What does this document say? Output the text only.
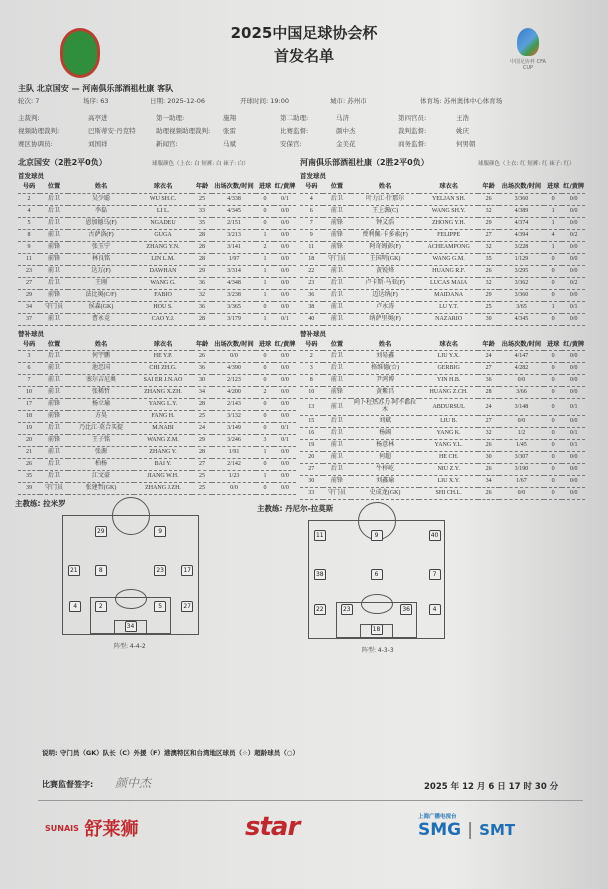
2025中国足球协会杯
首发名单	中国足协杯 CFA CUP
主队 北京国安 — 河南俱乐部酒祖杜康 客队
轮次: 7	场序: 63	日期: 2025-12-06	开球时间: 19:00	城市: 苏州市	体育场: 苏州奥体中心体育场
主裁判:	高亭进	第一助理:	施翔	第二助理:	马济	第四官员:	王浩
视频助理裁判:	巴斯蒂安·丹克特	助理视频助理裁判: 张雷	比赛监督:	颜中杰	裁判监督:	姚庆
赛区协调员:	刘国祥	新闻官:	马斌	安保官:	金美花	商务监督:	何男朝
北京国安（2胜2平0负）	球服颜色（上衣: 白 短裤: 白 袜子: 白）	河南俱乐部酒祖杜康（2胜2平0负）	球服颜色（上衣: 红 短裤: 红 袜子: 红）
首发球员
号码	位置	姓名	球衣名	年龄	出场次数/时间	进球	红/黄牌
2	后卫	吴少聪	WU SH.C.	25	4/338	0	0/1
4	后卫	李磊	LI L.	33	4/345	0	0/0
5	后卫	恩加德乌(F)	NGADEU	35	2/151	0	0/0
8	前卫	古萨洛(F)	GUGA	28	3/213	1	0/0
9	前锋	张玉宁	ZHANG Y.N.	28	3/141	2	0/0
11	前锋	林良铭	LIN L.M.	28	1/97	1	0/0
23	前卫	达万(F)	DAWHAN	29	3/314	1	0/0
27	后卫	王刚	WANG G.	36	4/348	1	0/0
29	前锋	法比奥(C/F)	FABIO	32	3/238	1	0/0
34	守门员	侯森(GK)	HOU S.	36	3/365	0	0/0
37	前卫	曹永竞	CAO Y.J.	28	3/179	1	0/1
替补球员
号码	位置	姓名	球衣名	年龄	出场次数/时间	进球	红/黄牌
3	后卫	何宇鹏	HE Y.P.	26	0/0	0	0/0
6	前卫	池忠国	CHI ZH.G.	36	4/390	0	0/0
7	前卫	塞尔吉尼奥	SAI ER J.N.AO	30	2/123	0	0/0
10	前卫	张稀哲	ZHANG X.ZH.	34	4/200	2	0/0
17	前锋	杨立瑜	YANG L.Y.	28	2/143	0	0/0
18	前锋	方昊	FANG H.	25	3/132	0	0/0
19	后卫	乃比江·莫合买提	M.NABI	24	3/149	0	0/1
20	前锋	王子铭	WANG Z.M.	29	3/246	3	0/1
21	前卫	张源	ZHANG Y.	28	1/91	1	0/0
26	后卫	柏杨	BAI Y.	27	2/142	0	0/0
35	后卫	江文豪	JIANG W.H.	25	1/23	1	0/0
39	守门员	张建哲(GK)	ZHANG J.ZH.	25	0/0	0	0/0
主教练: 拉米罗
29	9
21	8	23	17
4	2	5	27
34
阵型: 4-4-2
首发球员
号码	位置	姓名	球衣名	年龄	出场次数/时间	进球	红/黄牌
4	后卫	叶力江·什那尔	YELJAN SH.	26	3/360	0	0/0
6	前卫	王上源(C)	WANG SH.Y.	32	4/389	1	0/0
7	前锋	钟义浩	ZHONG Y.H.	29	4/374	1	0/0
9	前锋	费利佩·卡多索(F)	FELIPPE	27	4/394	4	0/2
11	前锋	阿奇姆彭(F)	ACHEAMPONG	32	3/228	1	0/0
18	守门员	王国明(GK)	WANG G.M.	35	1/129	0	0/0
22	前卫	黄锐烽	HUANG R.F.	26	3/295	0	0/0
23	后卫	卢卡斯·马亚(F)	LUCAS MAIA	32	3/362	0	0/2
36	后卫	迈达纳(F)	MAIDANA	29	3/360	0	0/0
38	前卫	卢永涛	LU Y.T.	25	3/65	1	0/1
40	前卫	纳萨里奥(F)	NAZARIO	30	4/345	0	0/0
替补球员
号码	位置	姓名	球衣名	年龄	出场次数/时间	进球	红/黄牌
2	后卫	刘易鑫	LIU Y.X.	24	4/147	0	0/0
3	后卫	格维德(☆)	GERBIG	27	4/282	0	0/0
8	前卫	尹鸿博	YIN H.B.	36	0/0	0	0/0
10	前锋	黄紫昌	HUANG Z.CH.	28	3/66	0	0/0
13	前卫	阿卜杜热苏力·阿不都拉木	ABDURSUL	24	3/148	0	0/1
15	后卫	刘斌	LIU B.	27	0/0	0	0/0
16	后卫	杨阔	YANG K.	32	1/2	0	0/1
19	前卫	杨意林	YANG Y.L.	26	1/45	0	0/1
20	前卫	何超	HE CH.	30	3/307	0	0/0
27	后卫	牛梓屹	NIU Z.Y.	26	3/190	0	0/0
30	前锋	刘鑫瑜	LIU X.Y.	34	1/67	0	0/0
33	守门员	史成龙(GK)	SHI CH.L.	26	0/0	0	0/0
主教练: 丹尼尔-拉莫斯
11	9	40
38	6	7
22	23	36	4
18
阵型: 4-3-3
说明: 守门员（GK）队长（C）外援（F）港澳特区和台湾地区球员（☆）超龄球员（○）
比赛监督签字: 颜中杰	2025 年 12 月 6 日 17 时 30 分
SUNAIS 舒莱狮	star	上海广播电视台
SMG | SMT
